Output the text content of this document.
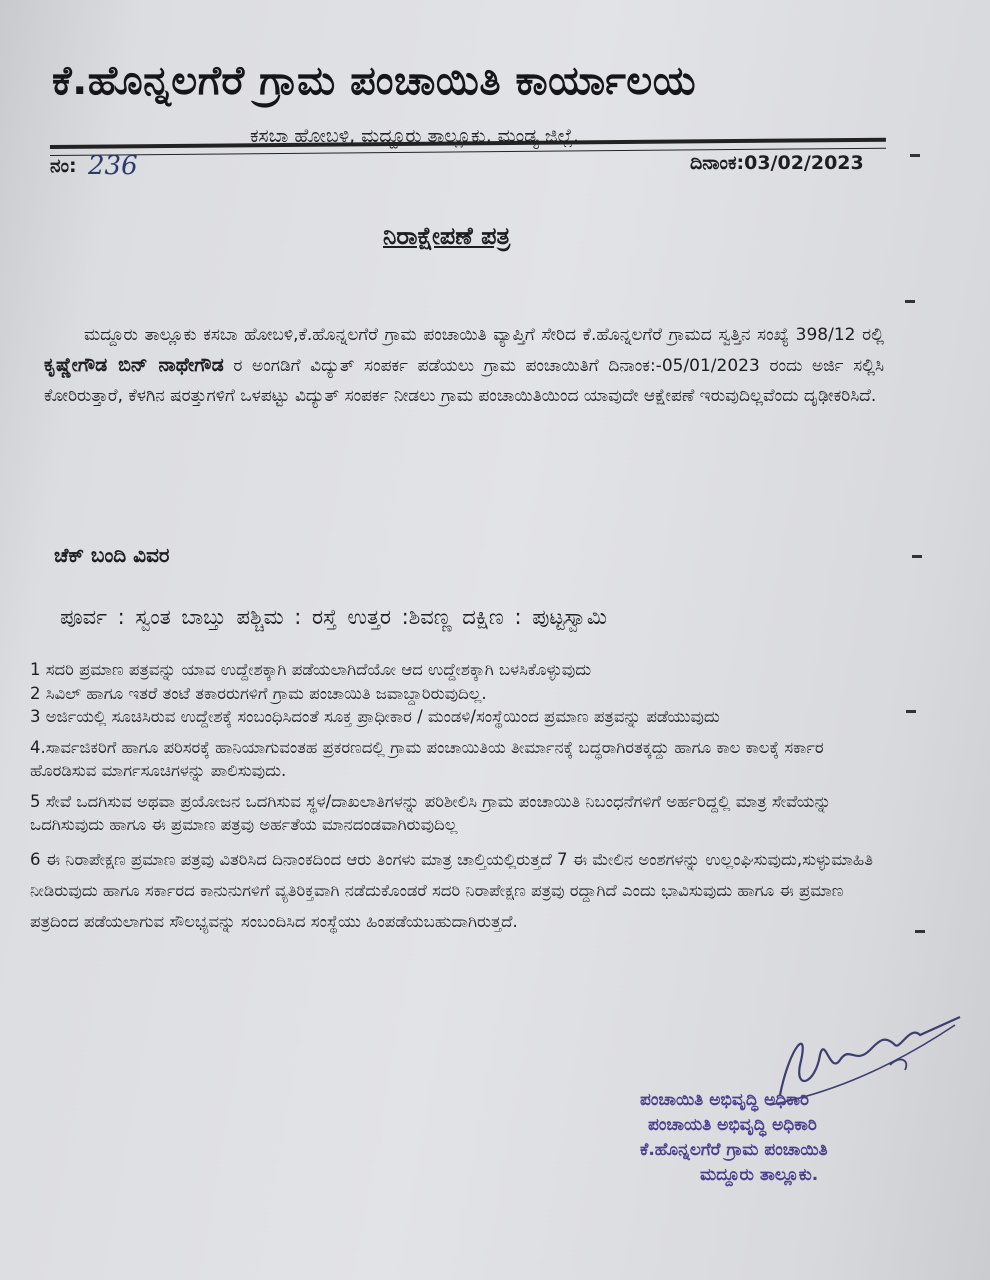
ಕೆ.ಹೊನ್ನಲಗೆರೆ ಗ್ರಾಮ ಪಂಚಾಯಿತಿ ಕಾರ್ಯಾಲಯ
ಕಸಬಾ ಹೋಬಳಿ, ಮದ್ದೂರು ತಾಲ್ಲೂಕು, ಮಂಡ್ಯ ಜಿಲ್ಲೆ.
ನಂ: 236	ದಿನಾಂಕ:03/02/2023
ನಿರಾಕ್ಷೇಪಣೆ ಪತ್ರ

ಮದ್ದೂರು ತಾಲ್ಲೂಕು ಕಸಬಾ ಹೋಬಳಿ,ಕೆ.ಹೊನ್ನಲಗೆರೆ ಗ್ರಾಮ ಪಂಚಾಯಿತಿ ವ್ಯಾಪ್ತಿಗೆ ಸೇರಿದ ಕೆ.ಹೊನ್ನಲಗೆರೆ ಗ್ರಾಮದ ಸ್ವತ್ತಿನ ಸಂಖ್ಯೆ 398/12 ರಲ್ಲಿ ಕೃಷ್ಣೇಗೌಡ ಬಿನ್ ನಾಥೇಗೌಡ ರ ಅಂಗಡಿಗೆ ವಿದ್ಯುತ್ ಸಂಪರ್ಕ ಪಡೆಯಲು ಗ್ರಾಮ ಪಂಚಾಯಿತಿಗೆ ದಿನಾಂಕ:-05/01/2023 ರಂದು ಅರ್ಜಿ ಸಲ್ಲಿಸಿ ಕೋರಿರುತ್ತಾರೆ, ಕೆಳಗಿನ ಷರತ್ತುಗಳಿಗೆ ಒಳಪಟ್ಟು ವಿದ್ಯುತ್ ಸಂಪರ್ಕ ನೀಡಲು ಗ್ರಾಮ ಪಂಚಾಯಿತಿಯಿಂದ ಯಾವುದೇ ಆಕ್ಷೇಪಣೆ ಇರುವುದಿಲ್ಲವೆಂದು ದೃಢೀಕರಿಸಿದೆ.

ಚೆಕ್ ಬಂದಿ ವಿವರ
ಪೂರ್ವ : ಸ್ವಂತ ಬಾಬ್ತು ಪಶ್ಚಿಮ : ರಸ್ತೆ ಉತ್ತರ :ಶಿವಣ್ಣ ದಕ್ಷಿಣ : ಪುಟ್ಟಸ್ವಾಮಿ
1 ಸದರಿ ಪ್ರಮಾಣ ಪತ್ರವನ್ನು ಯಾವ ಉದ್ದೇಶಕ್ಕಾಗಿ ಪಡೆಯಲಾಗಿದೆಯೋ ಆದ ಉದ್ದೇಶಕ್ಕಾಗಿ ಬಳಸಿಕೊಳ್ಳುವುದು
2 ಸಿವಿಲ್ ಹಾಗೂ ಇತರೆ ತಂಟೆ ತಕಾರರುಗಳಿಗೆ ಗ್ರಾಮ ಪಂಚಾಯಿತಿ ಜವಾಬ್ದಾರಿರುವುದಿಲ್ಲ.
3 ಅರ್ಜಿಯಲ್ಲಿ ಸೂಚಿಸಿರುವ ಉದ್ದೇಶಕ್ಕೆ ಸಂಬಂಧಿಸಿದಂತೆ ಸೂಕ್ತ ಪ್ರಾಧೀಕಾರ / ಮಂಡಳಿ/ಸಂಸ್ಥೆಯಿಂದ ಪ್ರಮಾಣ ಪತ್ರವನ್ನು ಪಡೆಯುವುದು
4.ಸಾರ್ವಜಿಕರಿಗೆ ಹಾಗೂ ಪರಿಸರಕ್ಕೆ ಹಾನಿಯಾಗುವಂತಹ ಪ್ರಕರಣದಲ್ಲಿ ಗ್ರಾಮ ಪಂಚಾಯಿತಿಯ ತೀರ್ಮಾನಕ್ಕೆ ಬದ್ಧರಾಗಿರತಕ್ಕದ್ದು ಹಾಗೂ ಕಾಲ ಕಾಲಕ್ಕೆ ಸರ್ಕಾರ ಹೊರಡಿಸುವ ಮಾರ್ಗಸೂಚಿಗಳನ್ನು ಪಾಲಿಸುವುದು.
5 ಸೇವೆ ಒದಗಿಸುವ ಅಥವಾ ಪ್ರಯೋಜನ ಒದಗಿಸುವ ಸ್ಥಳ/ದಾಖಲಾತಿಗಳನ್ನು ಪರಿಶೀಲಿಸಿ ಗ್ರಾಮ ಪಂಚಾಯಿತಿ ನಿಬಂಧನೆಗಳಿಗೆ ಅರ್ಹರಿದ್ದಲ್ಲಿ ಮಾತ್ರ ಸೇವೆಯನ್ನು ಒದಗಿಸುವುದು ಹಾಗೂ ಈ ಪ್ರಮಾಣ ಪತ್ರವು ಅರ್ಹತೆಯ ಮಾನದಂಡವಾಗಿರುವುದಿಲ್ಲ
6 ಈ ನಿರಾಪೇಕ್ಷಣ ಪ್ರಮಾಣ ಪತ್ರವು ವಿತರಿಸಿದ ದಿನಾಂಕದಿಂದ ಆರು ತಿಂಗಳು ಮಾತ್ರ ಚಾಲ್ತಿಯಲ್ಲಿರುತ್ತದೆ 7 ಈ ಮೇಲಿನ ಅಂಶಗಳನ್ನು ಉಲ್ಲಂಘಿಸುವುದು,ಸುಳ್ಳುಮಾಹಿತಿ ನೀಡಿರುವುದು ಹಾಗೂ ಸರ್ಕಾರದ ಕಾನುನುಗಳಿಗೆ ವ್ಯತಿರಿಕ್ತವಾಗಿ ನಡೆದುಕೊಂಡರೆ ಸದರಿ ನಿರಾಪೇಕ್ಷಣ ಪತ್ರವು ರದ್ದಾಗಿದೆ ಎಂದು ಭಾವಿಸುವುದು ಹಾಗೂ ಈ ಪ್ರಮಾಣ ಪತ್ರದಿಂದ ಪಡೆಯಲಾಗುವ ಸೌಲಭ್ಯವನ್ನು ಸಂಬಂದಿಸಿದ ಸಂಸ್ಥೆಯು ಹಿಂಪಡೆಯಬಹುದಾಗಿರುತ್ತದೆ.
ಪಂಚಾಯಿತಿ ಅಭಿವೃದ್ಧಿ ಅಧಿಕಾರಿ
ಪಂಚಾಯತಿ ಅಭಿವೃದ್ಧಿ ಅಧಿಕಾರಿ
ಕೆ.ಹೊನ್ನಲಗೆರೆ ಗ್ರಾಮ ಪಂಚಾಯಿತಿ
ಮದ್ದೂರು ತಾಲ್ಲೂಕು.
